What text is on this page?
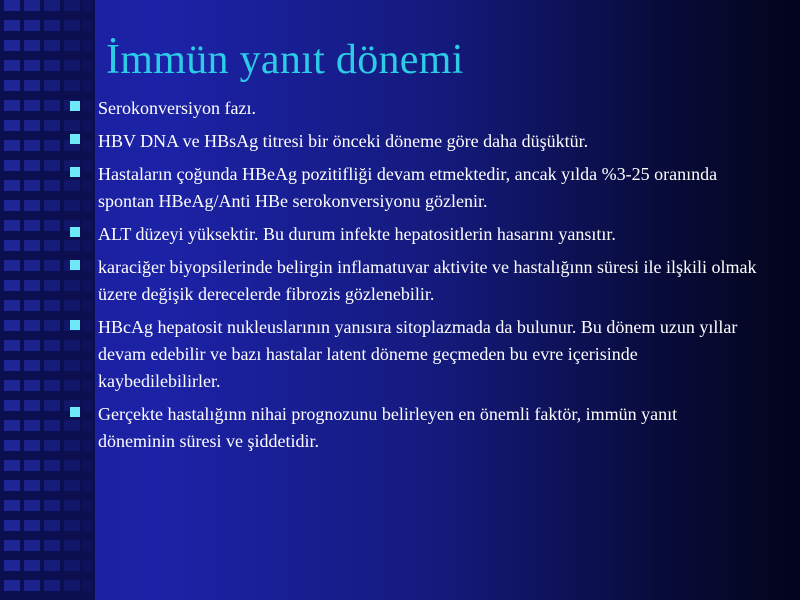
İmmün yanıt dönemi
Serokonversiyon fazı.
HBV DNA ve HBsAg titresi bir önceki döneme göre daha düşüktür.
Hastaların çoğunda HBeAg pozitifliği devam etmektedir, ancak yılda %3-25 oranında spontan HBeAg/Anti HBe serokonversiyonu gözlenir.
ALT düzeyi yüksektir. Bu durum infekte hepatositlerin hasarını yansıtır.
karaciğer biyopsilerinde belirgin inflamatuvar aktivite ve hastalığınn süresi ile ilşkili olmak üzere değişik derecelerde fibrozis gözlenebilir.
HBcAg hepatosit nukleuslarının yanısıra sitoplazmada da bulunur. Bu dönem uzun yıllar devam edebilir ve bazı hastalar latent döneme geçmeden bu evre içerisinde kaybedilebilirler.
Gerçekte hastalığınn nihai prognozunu belirleyen en önemli faktör, immün yanıt döneminin süresi ve şiddetidir.
